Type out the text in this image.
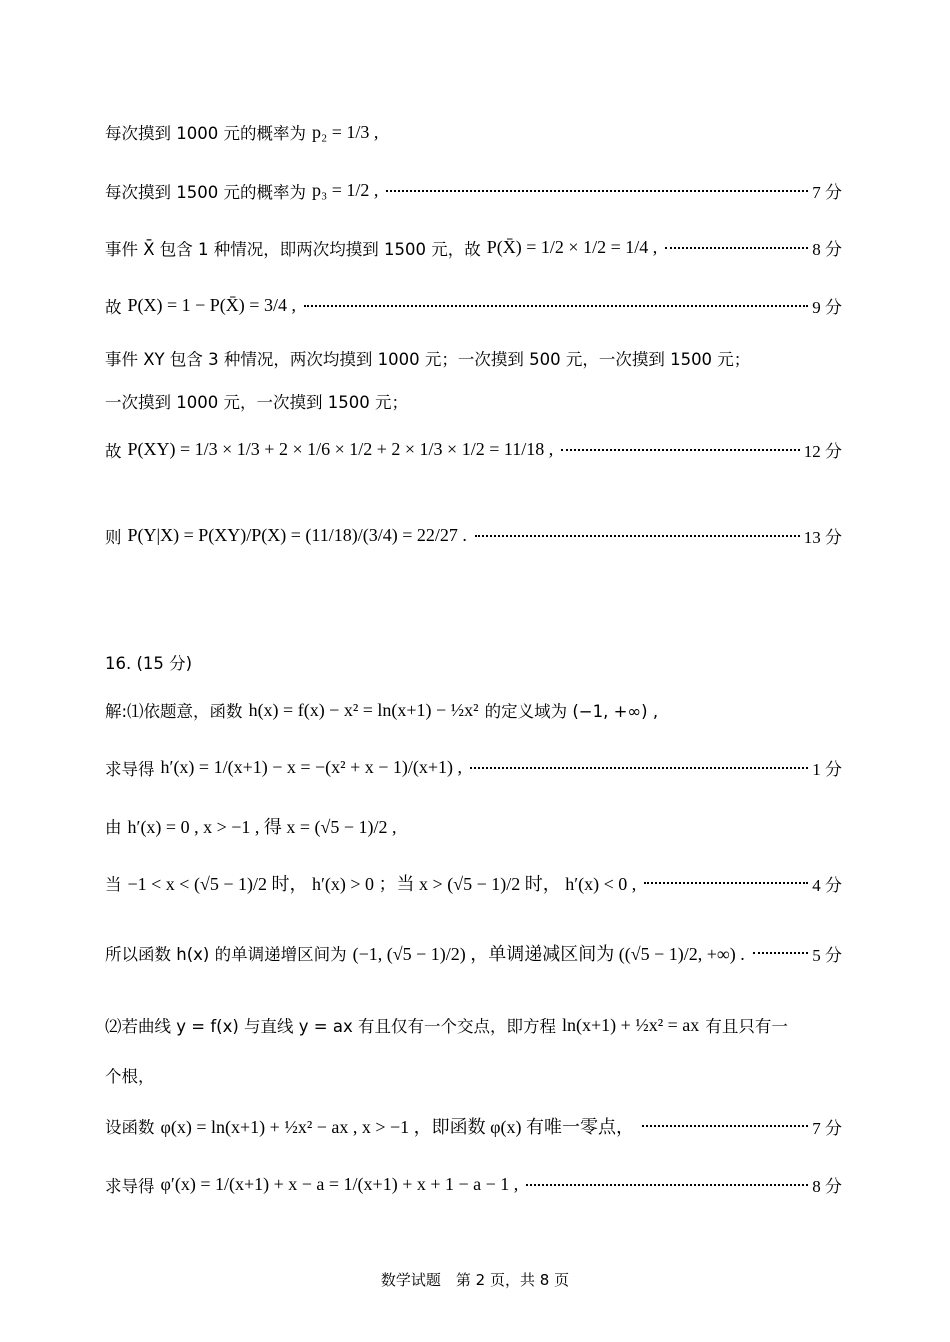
每次摸到 1000 元的概率为 p₂ = 1/3 ,
每次摸到 1500 元的概率为 p₃ = 1/2 ,	7 分
事件 X̄ 包含 1 种情况，即两次均摸到 1500 元，故 P(X̄) = 1/2 × 1/2 = 1/4 ,	8 分
故 P(X) = 1 − P(X̄) = 3/4 ,	9 分
事件 XY 包含 3 种情况，两次均摸到 1000 元；一次摸到 500 元，一次摸到 1500 元；
一次摸到 1000 元，一次摸到 1500 元；
故 P(XY) = 1/3 × 1/3 + 2 × 1/6 × 1/2 + 2 × 1/3 × 1/2 = 11/18 ,	12 分
则 P(Y|X) = P(XY)/P(X) = (11/18)/(3/4) = 22/27 .	13 分
16. (15 分)
解:⑴依题意，函数 h(x) = f(x) − x² = ln(x+1) − ½x² 的定义域为 (−1, +∞) ,
求导得 h′(x) = 1/(x+1) − x = −(x² + x − 1)/(x+1) ,	1 分
由 h′(x) = 0 , x > −1 , 得 x = (√5 − 1)/2 ,
当 −1 < x < (√5 − 1)/2 时， h′(x) > 0 ；当 x > (√5 − 1)/2 时， h′(x) < 0 ,	4 分
所以函数 h(x) 的单调递增区间为 (−1, (√5 − 1)/2) ，单调递减区间为 ((√5 − 1)/2, +∞) .	5 分
⑵若曲线 y = f(x) 与直线 y = ax 有且仅有一个交点，即方程 ln(x+1) + ½x² = ax 有且只有一
个根，
设函数 φ(x) = ln(x+1) + ½x² − ax , x > −1 ，即函数 φ(x) 有唯一零点，	7 分
求导得 φ′(x) = 1/(x+1) + x − a = 1/(x+1) + x + 1 − a − 1 ,	8 分
数学试题　第 2 页，共 8 页
